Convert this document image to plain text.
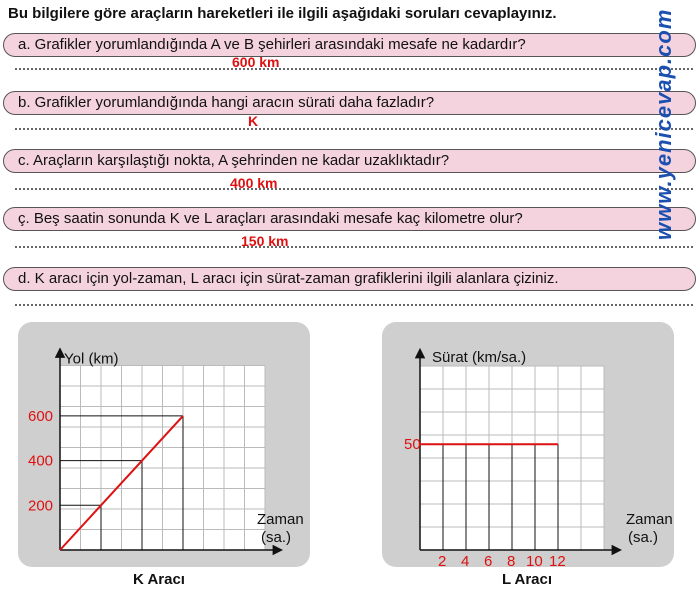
Bu bilgilere göre araçların hareketleri ile ilgili aşağıdaki soruları cevaplayınız.
a. Grafikler yorumlandığında A ve B şehirleri arasındaki mesafe ne kadardır?
600 km
b. Grafikler yorumlandığında hangi aracın sürati daha fazladır?
K
c. Araçların karşılaştığı nokta, A şehrinden ne kadar uzaklıktadır?
400 km
ç. Beş saatin sonunda K ve L araçları arasındaki mesafe kaç kilometre olur?
150 km
d. K aracı için yol-zaman, L aracı için sürat-zaman grafiklerini ilgili alanlara çiziniz.
www.yenicevap.com
200
400
600
Yol (km)
Zaman
(sa.)
K Aracı
2 4 6 8 10 12
50
Sürat (km/sa.)
Zaman
(sa.)
L Aracı
